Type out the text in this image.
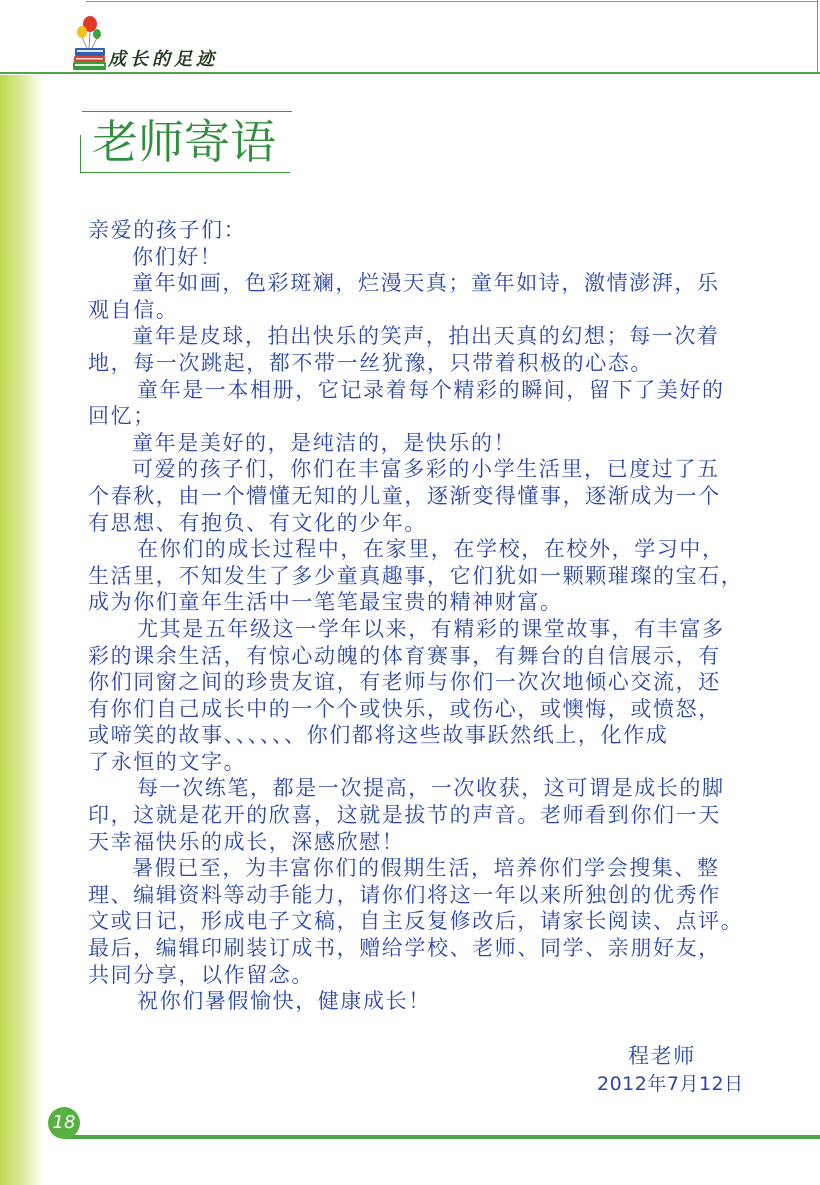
成长的足迹
老师寄语
亲爱的孩子们：
你们好！
童年如画，色彩斑斓，烂漫天真；童年如诗，激情澎湃，乐
观自信。
童年是皮球，拍出快乐的笑声，拍出天真的幻想；每一次着
地，每一次跳起，都不带一丝犹豫，只带着积极的心态。
童年是一本相册，它记录着每个精彩的瞬间，留下了美好的
回忆；
童年是美好的，是纯洁的，是快乐的！
可爱的孩子们，你们在丰富多彩的小学生活里，已度过了五
个春秋，由一个懵懂无知的儿童，逐渐变得懂事，逐渐成为一个
有思想、有抱负、有文化的少年。
在你们的成长过程中，在家里，在学校，在校外，学习中，
生活里，不知发生了多少童真趣事，它们犹如一颗颗璀璨的宝石，
成为你们童年生活中一笔笔最宝贵的精神财富。
尤其是五年级这一学年以来，有精彩的课堂故事，有丰富多
彩的课余生活，有惊心动魄的体育赛事，有舞台的自信展示，有
你们同窗之间的珍贵友谊，有老师与你们一次次地倾心交流，还
有你们自己成长中的一个个或快乐，或伤心，或懊悔，或愤怒，
或啼笑的故事、、、、、、你们都将这些故事跃然纸上，化作成
了永恒的文字。
每一次练笔，都是一次提高，一次收获，这可谓是成长的脚
印，这就是花开的欣喜，这就是拔节的声音。老师看到你们一天
天幸福快乐的成长，深感欣慰！
暑假已至，为丰富你们的假期生活，培养你们学会搜集、整
理、编辑资料等动手能力，请你们将这一年以来所独创的优秀作
文或日记，形成电子文稿，自主反复修改后，请家长阅读、点评。
最后，编辑印刷装订成书，赠给学校、老师、同学、亲朋好友，
共同分享，以作留念。
祝你们暑假愉快，健康成长！
程老师
2012年7月12日
18
